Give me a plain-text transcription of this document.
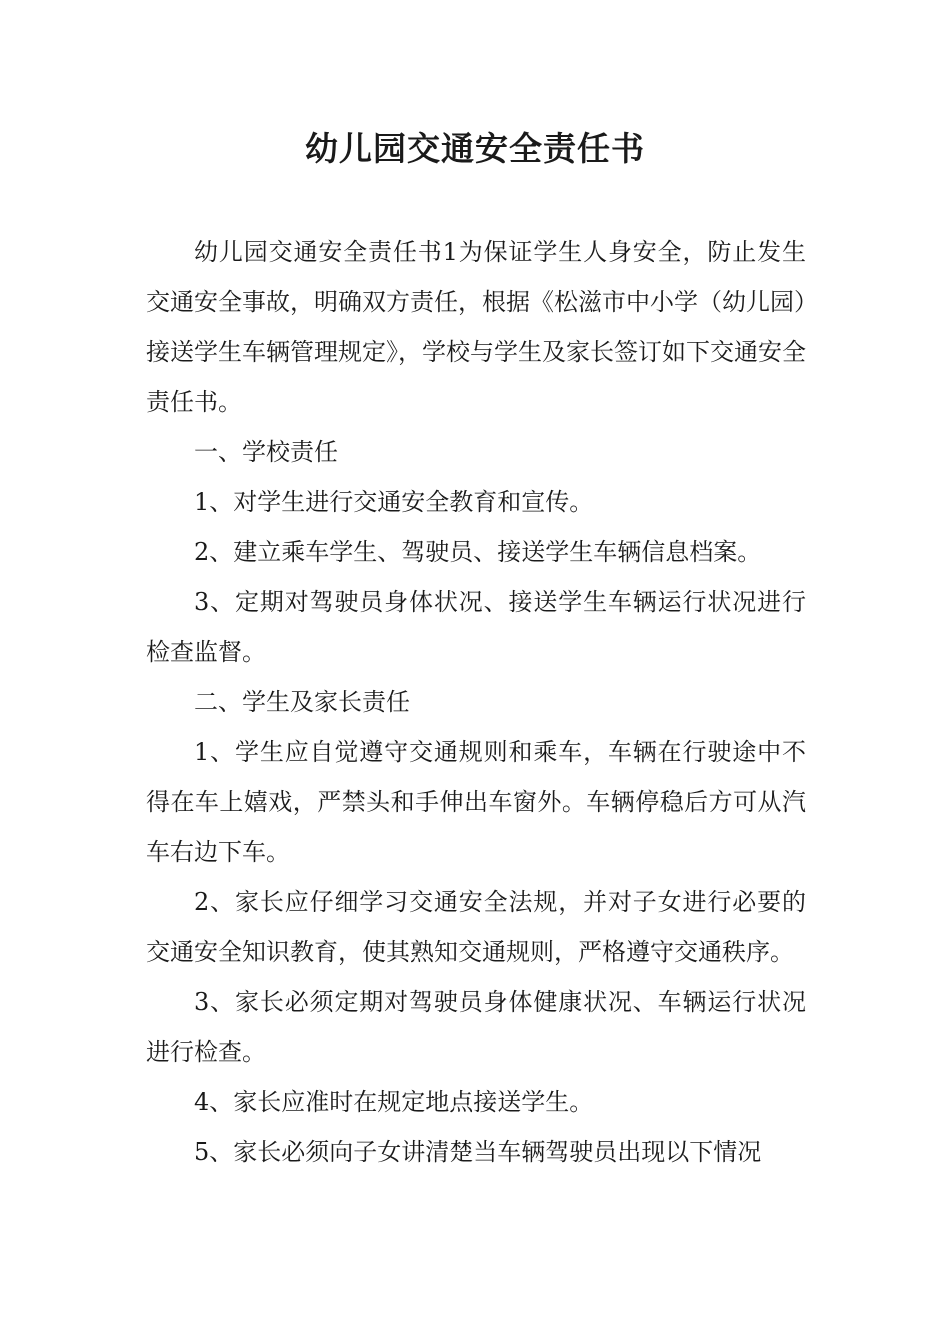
幼儿园交通安全责任书

幼儿园交通安全责任书1为保证学生人身安全，防止发生交通安全事故，明确双方责任，根据《松滋市中小学（幼儿园）接送学生车辆管理规定》，学校与学生及家长签订如下交通安全责任书。

一、学校责任

1、对学生进行交通安全教育和宣传。

2、建立乘车学生、驾驶员、接送学生车辆信息档案。

3、定期对驾驶员身体状况、接送学生车辆运行状况进行检查监督。

二、学生及家长责任

1、学生应自觉遵守交通规则和乘车，车辆在行驶途中不得在车上嬉戏，严禁头和手伸出车窗外。车辆停稳后方可从汽车右边下车。

2、家长应仔细学习交通安全法规，并对子女进行必要的交通安全知识教育，使其熟知交通规则，严格遵守交通秩序。

3、家长必须定期对驾驶员身体健康状况、车辆运行状况进行检查。

4、家长应准时在规定地点接送学生。

5、家长必须向子女讲清楚当车辆驾驶员出现以下情况
